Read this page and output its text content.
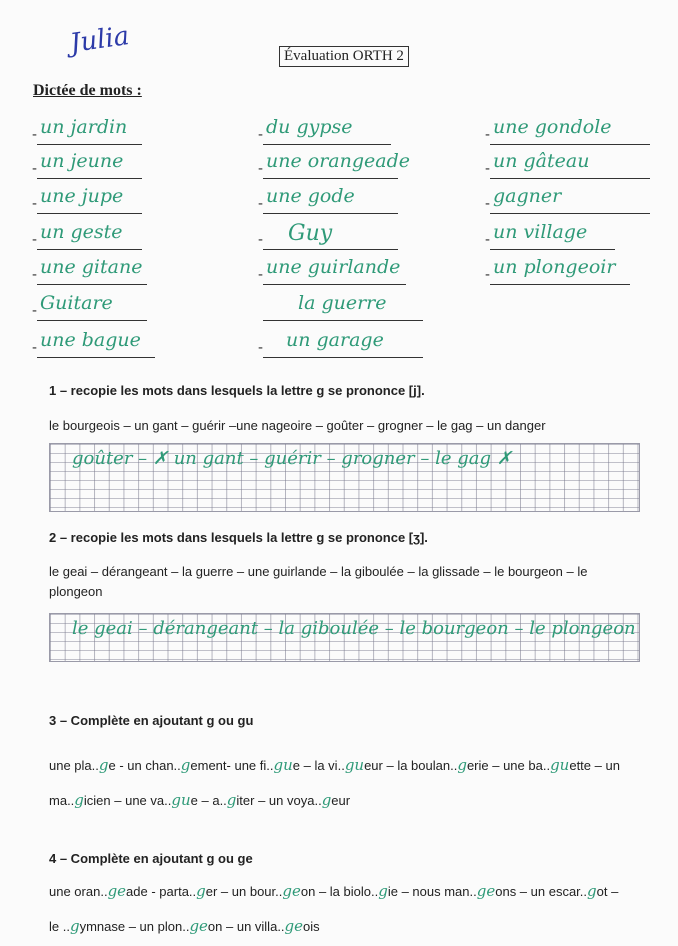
Julia	Évaluation ORTH 2
Dictée de mots :
- un jardin
- un jeune
- une jupe
- un geste
- une gitane
- Guitare
- une bague
- du gypse
- une orangeade
- une gode
- Guy
- une guirlande
la guerre
- un garage
- une gondole
- un gâteau
- gagner
- un village
- un plongeoir
1 – recopie les mots dans lesquels la lettre g se prononce [j].
le bourgeois – un gant – guérir –une nageoire – goûter – grogner – le gag – un danger
goûter – ✗ un gant – guérir – grogner – le gag ✗
2 – recopie les mots dans lesquels la lettre g se prononce [ʒ].
le geai – dérangeant – la guerre – une guirlande – la giboulée – la glissade – le bourgeon – le plongeon
le geai – dérangeant – la giboulée – le bourgeon – le plongeon
3 – Complète en ajoutant g ou gu
une pla..ge - un chan..gement- une fi..gue – la vi..gueur – la boulan..gerie – une ba..guette – un
ma..gicien – une va..gue – a..giter – un voya..geur
4 – Complète en ajoutant g ou ge
une oran..geade - parta..ger – un bour..geon – la biolo..gie – nous man..geons – un escar..got –
le ..gymnase – un plon..geon – un villa..geois
